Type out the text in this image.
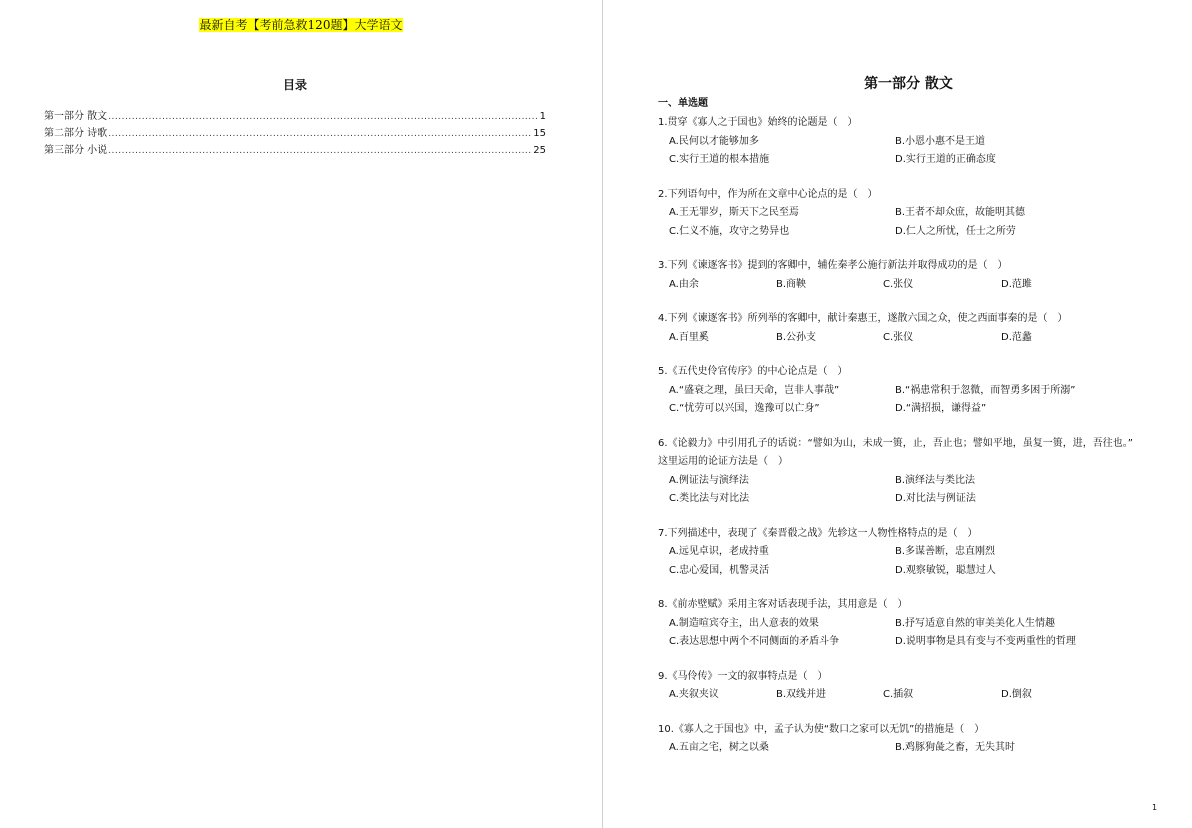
最新自考【考前急救120题】大学语文
目录
第一部分 散文 .....	1
第二部分 诗歌 .....	15
第三部分 小说 .....	25
第一部分 散文
一、单选题
1.贯穿《寡人之于国也》始终的论题是（　）
A.民何以才能够加多	B.小恩小惠不是王道
C.实行王道的根本措施	D.实行王道的正确态度
2.下列语句中，作为所在文章中心论点的是（　）
A.王无罪岁，斯天下之民至焉	B.王者不却众庶，故能明其德
C.仁义不施，攻守之势异也	D.仁人之所忧，任士之所劳
3.下列《谏逐客书》提到的客卿中，辅佐秦孝公施行新法并取得成功的是（　）
A.由余	B.商鞅	C.张仪	D.范雎
4.下列《谏逐客书》所列举的客卿中，献计秦惠王，遂散六国之众，使之西面事秦的是（　）
A.百里奚	B.公孙支	C.张仪	D.范蠡
5.《五代史伶官传序》的中心论点是（　）
A.“盛衰之理，虽曰天命，岂非人事哉”	B.“祸患常积于忽微，而智勇多困于所溺”
C.“忧劳可以兴国，逸豫可以亡身”	D.“满招损，谦得益”
6.《论毅力》中引用孔子的话说：“譬如为山，未成一篑，止，吾止也；譬如平地，虽复一篑，进，吾往也。”
这里运用的论证方法是（　）
A.例证法与演绎法	B.演绎法与类比法
C.类比法与对比法	D.对比法与例证法
7.下列描述中，表现了《秦晋殽之战》先轸这一人物性格特点的是（　）
A.远见卓识，老成持重	B.多谋善断，忠直刚烈
C.忠心爱国，机警灵活	D.观察敏锐，聪慧过人
8.《前赤壁赋》采用主客对话表现手法，其用意是（　）
A.制造喧宾夺主，出人意表的效果	B.抒写适意自然的审美美化人生情趣
C.表达思想中两个不同侧面的矛盾斗争	D.说明事物是具有变与不变两重性的哲理
9.《马伶传》一文的叙事特点是（　）
A.夹叙夹议	B.双线并进	C.插叙	D.倒叙
10.《寡人之于国也》中，孟子认为使“数口之家可以无饥”的措施是（　）
A.五亩之宅，树之以桑	B.鸡豚狗彘之畜，无失其时
1
